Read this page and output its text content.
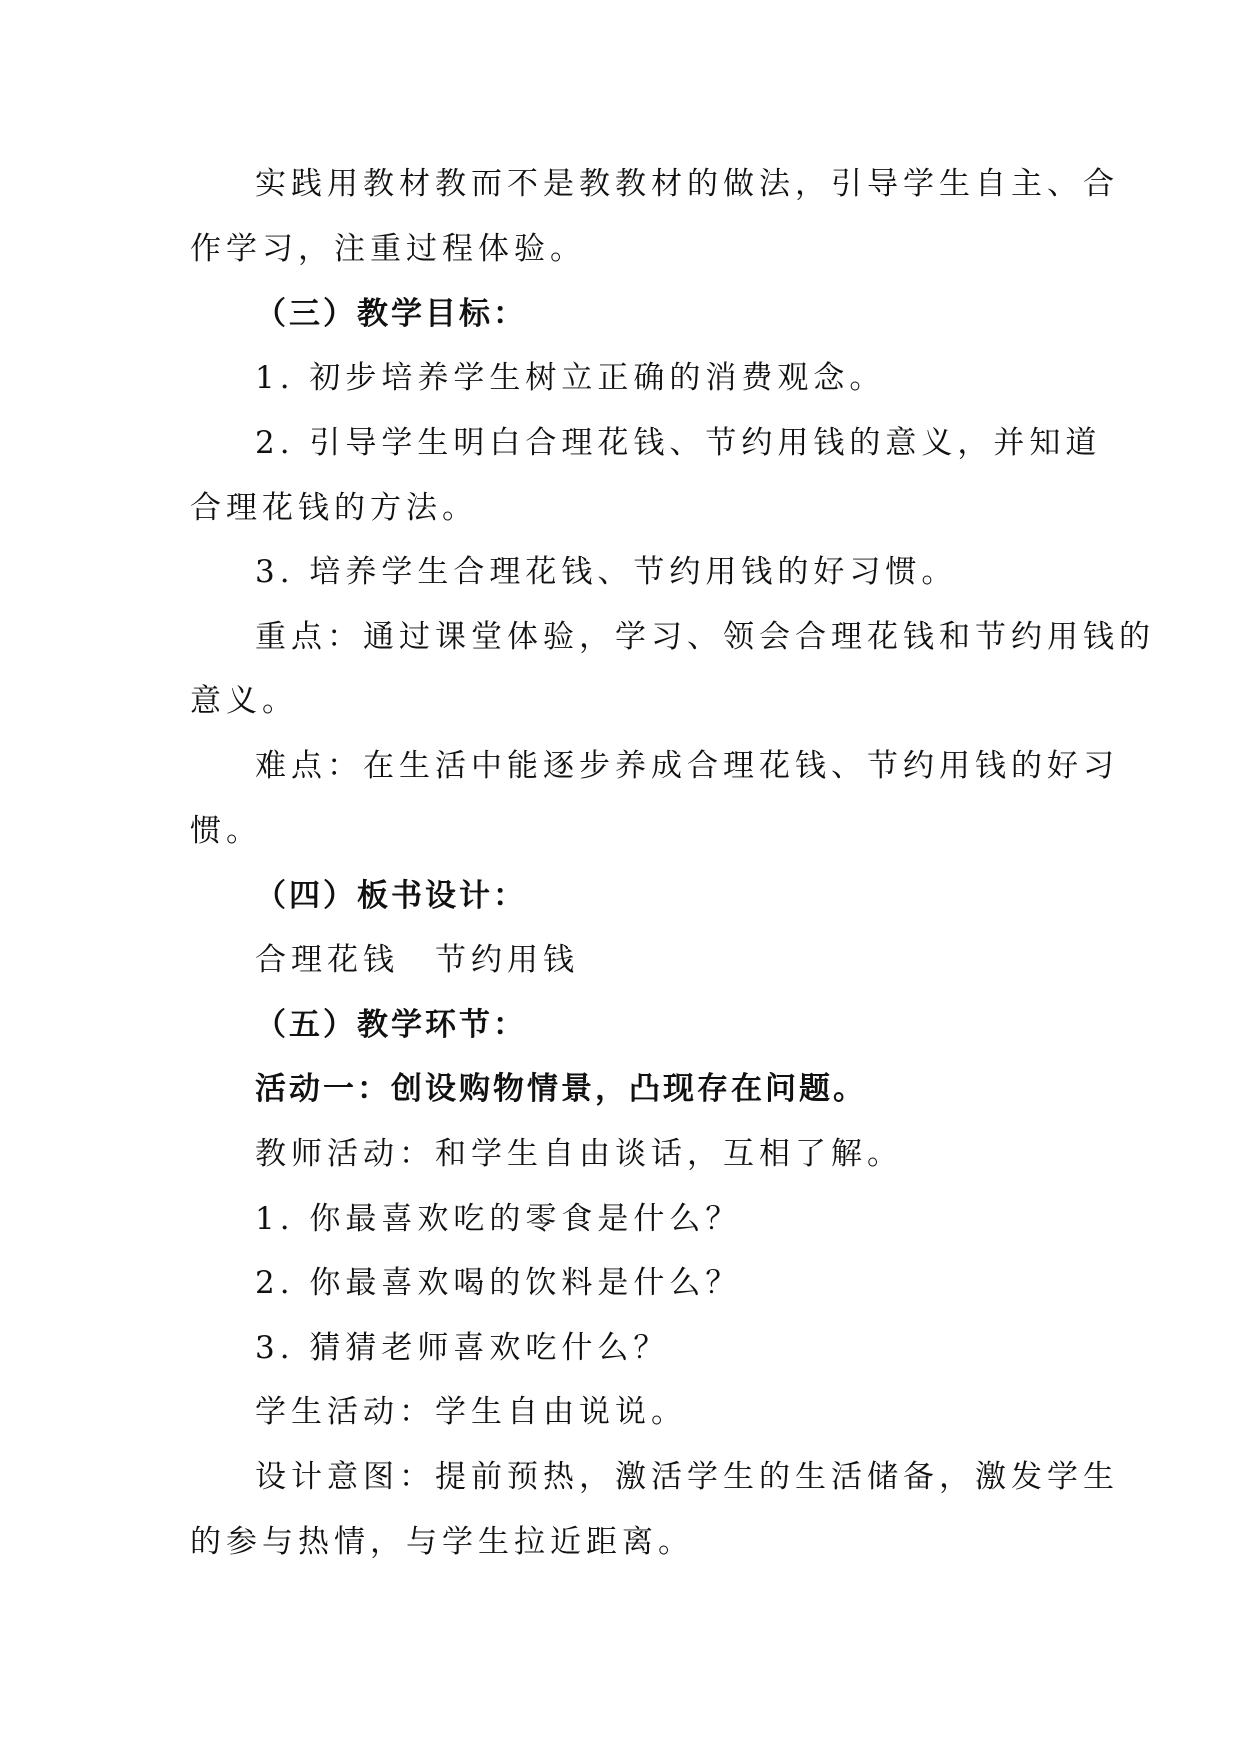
实践用教材教而不是教教材的做法，引导学生自主、合
作学习，注重过程体验。
（三）教学目标：
1. 初步培养学生树立正确的消费观念。
2. 引导学生明白合理花钱、节约用钱的意义，并知道
合理花钱的方法。
3. 培养学生合理花钱、节约用钱的好习惯。
重点：通过课堂体验，学习、领会合理花钱和节约用钱的
意义。
难点：在生活中能逐步养成合理花钱、节约用钱的好习
惯。
（四）板书设计：
合理花钱　节约用钱
（五）教学环节：
活动一：创设购物情景，凸现存在问题。
教师活动：和学生自由谈话，互相了解。
1. 你最喜欢吃的零食是什么？
2. 你最喜欢喝的饮料是什么？
3. 猜猜老师喜欢吃什么？
学生活动：学生自由说说。
设计意图：提前预热，激活学生的生活储备，激发学生
的参与热情，与学生拉近距离。
